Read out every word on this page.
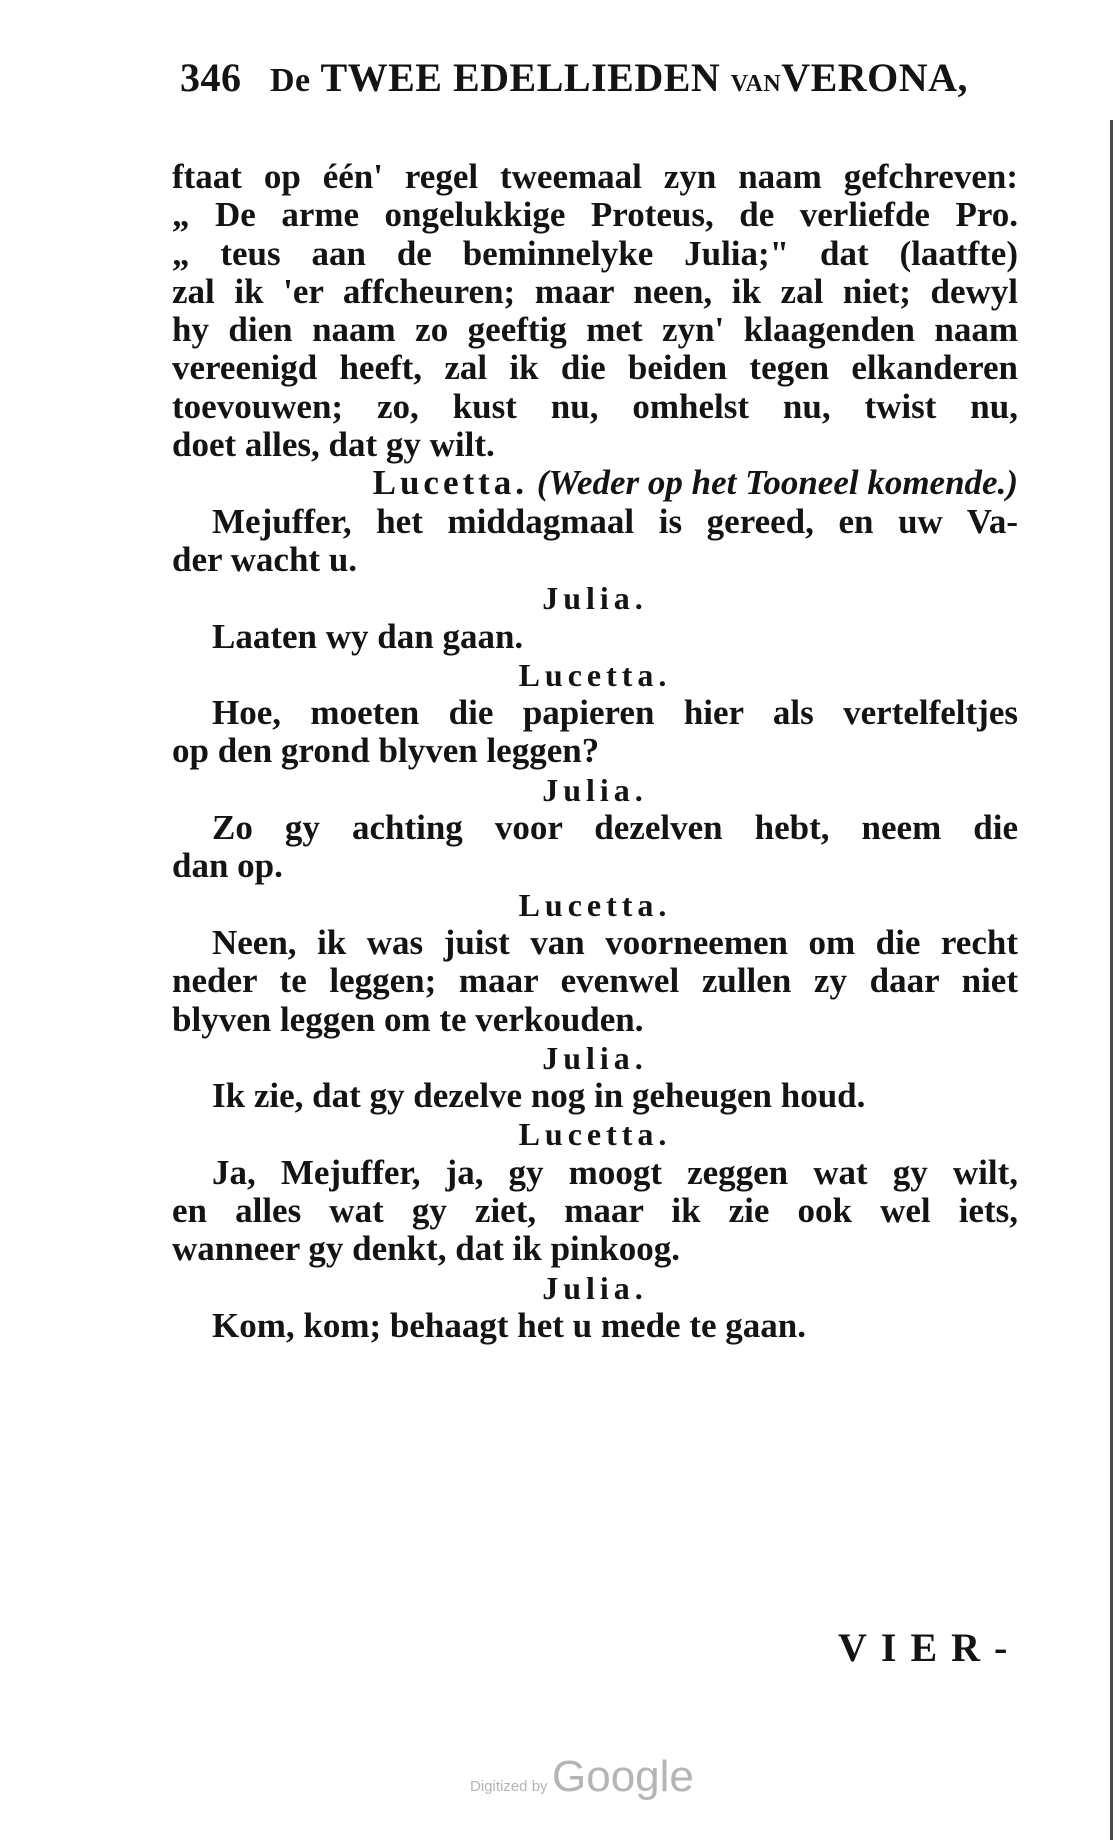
346 De TWEE EDELLIEDEN VANVERONA,
ftaat op één' regel tweemaal zyn naam gefchreven:
„ De arme ongelukkige Proteus, de verliefde Pro.
„ teus aan de beminnelyke Julia;" dat (laatfte)
zal ik 'er affcheuren; maar neen, ik zal niet; dewyl
hy dien naam zo geeftig met zyn' klaagenden naam
vereenigd heeft, zal ik die beiden tegen elkanderen
toevouwen; zo, kust nu, omhelst nu, twist nu,
doet alles, dat gy wilt.
Lucetta. (Weder op het Tooneel komende.)
Mejuffer, het middagmaal is gereed, en uw Va-
der wacht u.
Julia.
Laaten wy dan gaan.
Lucetta.
Hoe, moeten die papieren hier als vertelfeltjes
op den grond blyven leggen?
Julia.
Zo gy achting voor dezelven hebt, neem die
dan op.
Lucetta.
Neen, ik was juist van voorneemen om die recht
neder te leggen; maar evenwel zullen zy daar niet
blyven leggen om te verkouden.
Julia.
Ik zie, dat gy dezelve nog in geheugen houd.
Lucetta.
Ja, Mejuffer, ja, gy moogt zeggen wat gy wilt,
en alles wat gy ziet, maar ik zie ook wel iets,
wanneer gy denkt, dat ik pinkoog.
Julia.
Kom, kom; behaagt het u mede te gaan.
VIER-
Digitized by Google
